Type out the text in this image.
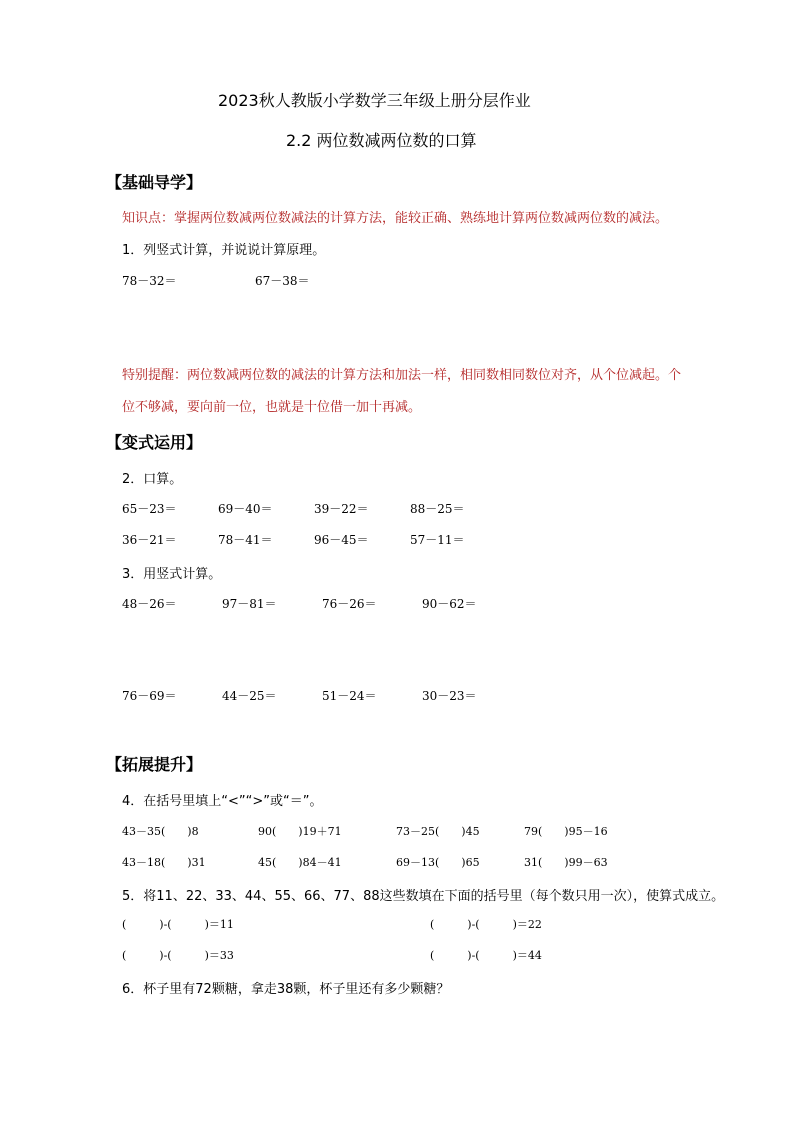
2023秋人教版小学数学三年级上册分层作业
2.2 两位数减两位数的口算
【基础导学】
知识点：掌握两位数减两位数减法的计算方法，能较正确、熟练地计算两位数减两位数的减法。
1．列竖式计算，并说说计算原理。
78－32＝	67－38＝
特别提醒：两位数减两位数的减法的计算方法和加法一样，相同数相同数位对齐，从个位减起。个
位不够减，要向前一位，也就是十位借一加十再减。
【变式运用】
2．口算。
65－23＝	69－40＝	39－22＝	88－25＝
36－21＝	78－41＝	96－45＝	57－11＝
3．用竖式计算。
48－26＝	97－81＝	76－26＝	90－62＝
76－69＝	44－25＝	51－24＝	30－23＝
【拓展提升】
4．在括号里填上“<”“>”或“＝”。
43－35(　　)8	90(　　)19＋71	73－25(　　)45	79(　　)95－16
43－18(　　)31	45(　　)84－41	69－13(　　)65	31(　　)99－63
5．将11、22、33、44、55、66、77、88这些数填在下面的括号里（每个数只用一次），使算式成立。
(　　　)-(　　　)＝11	(　　　)-(　　　)＝22
(　　　)-(　　　)＝33	(　　　)-(　　　)＝44
6．杯子里有72颗糖，拿走38颗，杯子里还有多少颗糖？
